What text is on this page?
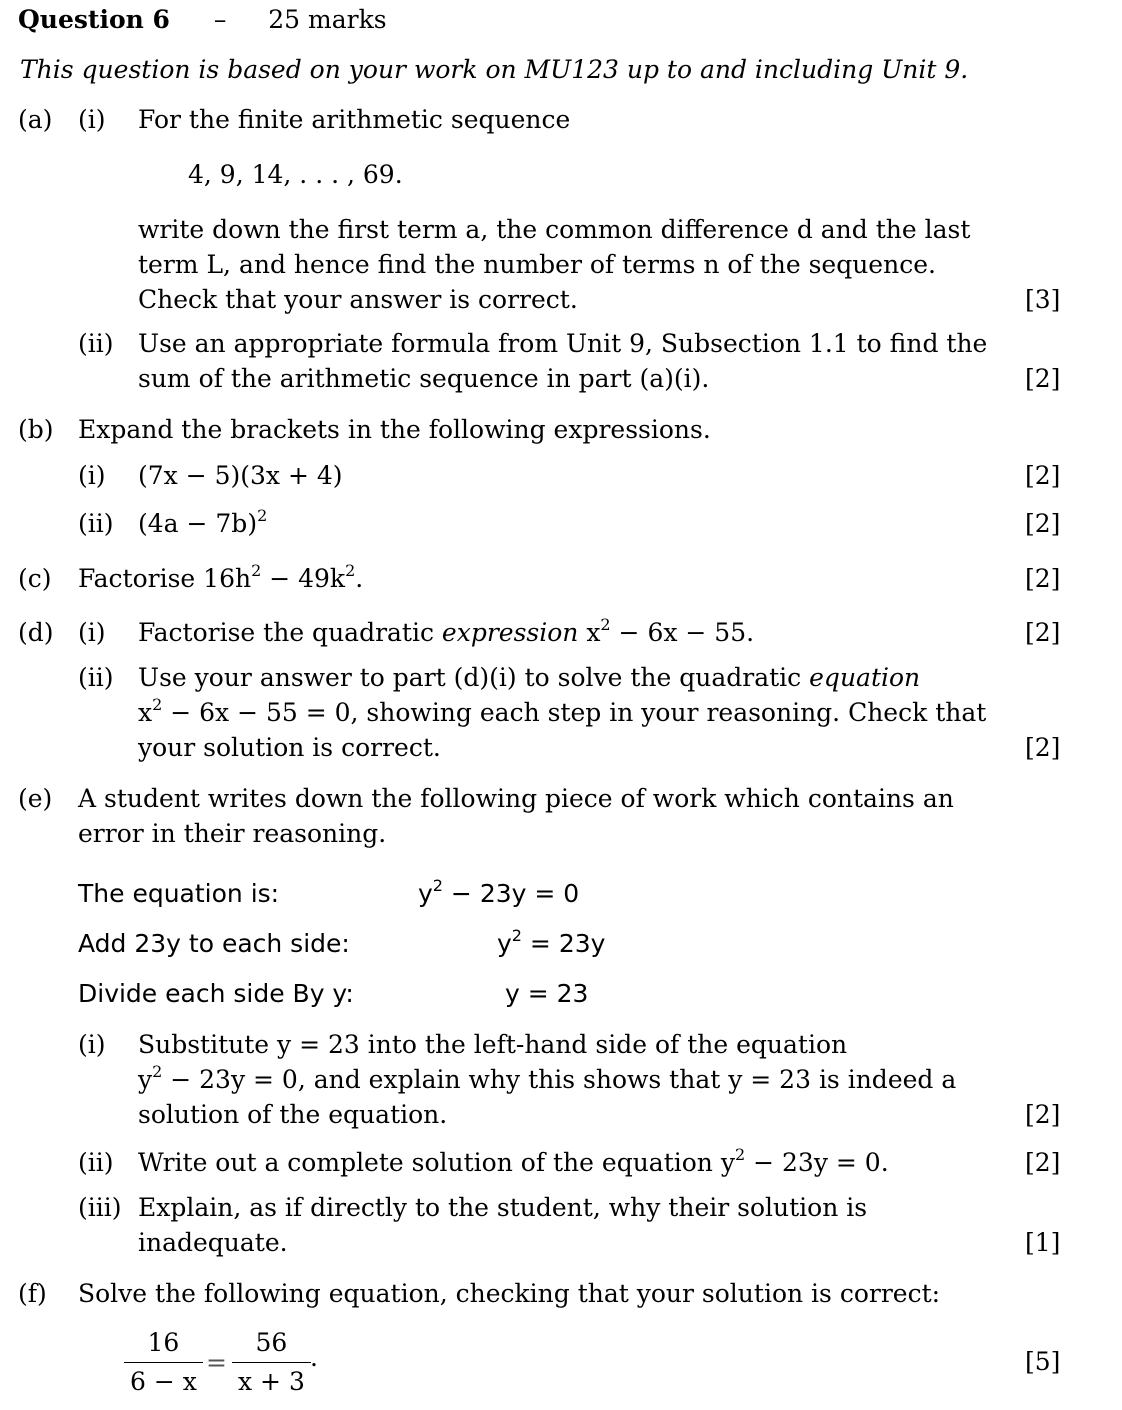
Question 6 – 25 marks
This question is based on your work on MU123 up to and including Unit 9.
(a) (i) For the finite arithmetic sequence
4, 9, 14, . . . , 69.
write down the first term a, the common difference d and the last
term L, and hence find the number of terms n of the sequence.
Check that your answer is correct.	[3]
(ii) Use an appropriate formula from Unit 9, Subsection 1.1 to find the
sum of the arithmetic sequence in part (a)(i).	[2]
(b) Expand the brackets in the following expressions.
(i) (7x − 5)(3x + 4)	[2]
(ii) $(4a - 7b)^2$	[2]
(c) Factorise $16h^2 - 49k^2$.	[2]
(d) (i) Factorise the quadratic expression $x^2 - 6x - 55$.	[2]
(ii) Use your answer to part (d)(i) to solve the quadratic equation
$x^2 - 6x - 55 = 0$, showing each step in your reasoning. Check that
your solution is correct.	[2]
(e) A student writes down the following piece of work which contains an
error in their reasoning.
The equation is:	$y^2 - 23y = 0$
Add 23y to each side:	$y^2 = 23y$
Divide each side By y:	y = 23
(i) Substitute y = 23 into the left-hand side of the equation
$y^2 - 23y = 0$, and explain why this shows that y = 23 is indeed a
solution of the equation.	[2]
(ii) Write out a complete solution of the equation $y^2 - 23y = 0$.	[2]
(iii) Explain, as if directly to the student, why their solution is
inadequate.	[1]
(f) Solve the following equation, checking that your solution is correct:
$\frac{16}{6 - x} = \frac{56}{x + 3}$ .	[5]
